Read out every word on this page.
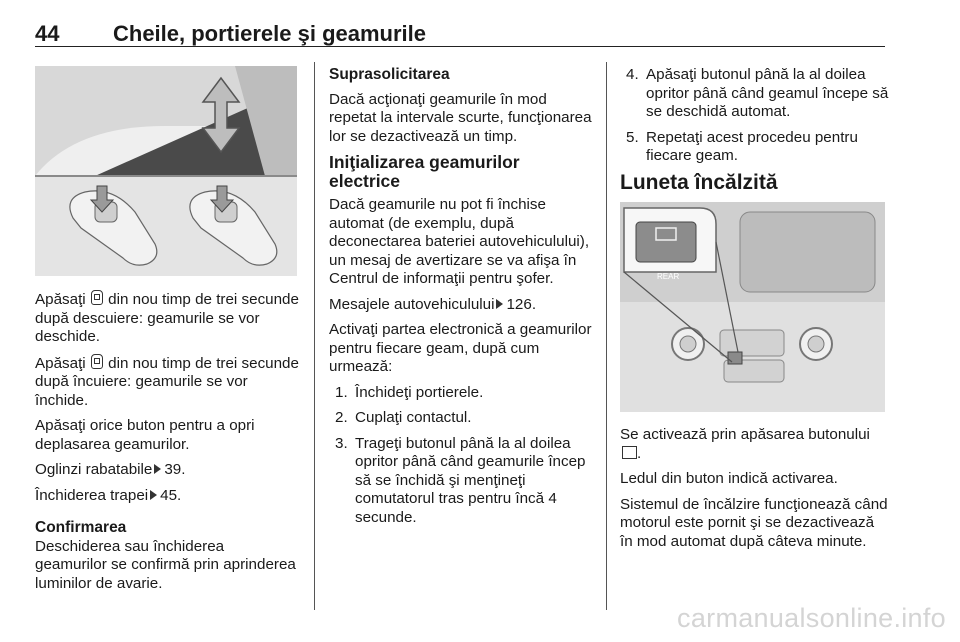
44 Cheile, portierele şi geamurile

Apăsaţi din nou timp de trei secunde după descuiere: geamurile se vor deschide.

Apăsaţi din nou timp de trei secunde după încuiere: geamurile se vor închide.

Apăsaţi orice buton pentru a opri deplasarea geamurilor.

Oglinzi rabatabile 39.

Închiderea trapei 45.

Confirmarea

Deschiderea sau închiderea geamurilor se confirmă prin aprinderea luminilor de avarie.

Suprasolicitarea

Dacă acţionaţi geamurile în mod repetat la intervale scurte, funcţionarea lor se dezactivează un timp.

Iniţializarea geamurilor electrice

Dacă geamurile nu pot fi închise automat (de exemplu, după deconectarea bateriei autovehiculului), un mesaj de avertizare se va afişa în Centrul de informaţii pentru şofer.

Mesajele autovehiculului 126.

Activaţi partea electronică a geamurilor pentru fiecare geam, după cum urmează:

1. Închideţi portierele.
2. Cuplaţi contactul.
3. Trageţi butonul până la al doilea opritor până când geamurile încep să se închidă şi menţineţi comutatorul tras pentru încă 4 secunde.
4. Apăsaţi butonul până la al doilea opritor până când geamul începe să se deschidă automat.
5. Repetaţi acest procedeu pentru fiecare geam.
Luneta încălzită
REAR

Se activează prin apăsarea butonului .

Ledul din buton indică activarea.

Sistemul de încălzire funcţionează când motorul este pornit şi se dezactivează în mod automat după câteva minute.

carmanualsonline.info
